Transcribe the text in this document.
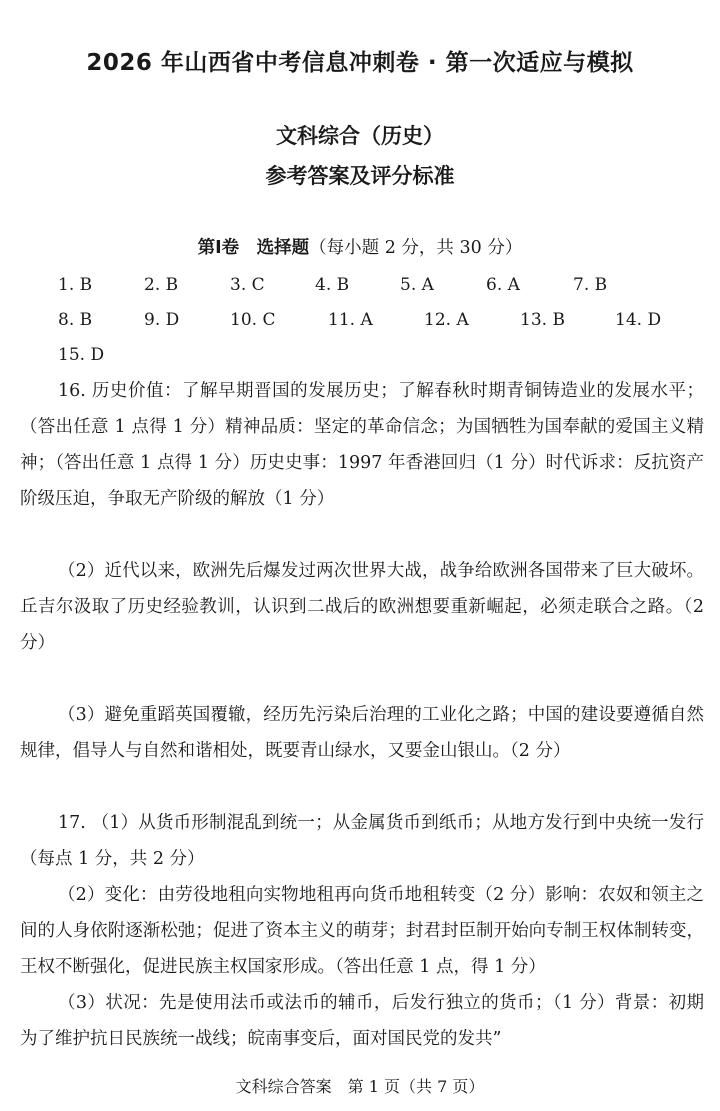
2026 年山西省中考信息冲刺卷 · 第一次适应与模拟
文科综合（历史）
参考答案及评分标准
第Ⅰ卷　选择题（每小题 2 分，共 30 分）
1. B	2. B	3. C	4. B	5. A	6. A	7. B
8. B	9. D	10. C	11. A	12. A	13. B	14. D
15. D
16. 历史价值：了解早期晋国的发展历史；了解春秋时期青铜铸造业的发展水平；（答出任意 1 点得 1 分）精神品质：坚定的革命信念；为国牺牲为国奉献的爱国主义精神；（答出任意 1 点得 1 分）历史史事：1997 年香港回归（1 分）时代诉求：反抗资产阶级压迫，争取无产阶级的解放（1 分）
（2）近代以来，欧洲先后爆发过两次世界大战，战争给欧洲各国带来了巨大破坏。丘吉尔汲取了历史经验教训，认识到二战后的欧洲想要重新崛起，必须走联合之路。（2 分）
（3）避免重蹈英国覆辙，经历先污染后治理的工业化之路；中国的建设要遵循自然规律，倡导人与自然和谐相处，既要青山绿水，又要金山银山。（2 分）
17. （1）从货币形制混乱到统一；从金属货币到纸币；从地方发行到中央统一发行（每点 1 分，共 2 分）
（2）变化：由劳役地租向实物地租再向货币地租转变（2 分）影响：农奴和领主之间的人身依附逐渐松弛；促进了资本主义的萌芽；封君封臣制开始向专制王权体制转变，王权不断强化，促进民族主权国家形成。（答出任意 1 点，得 1 分）
（3）状况：先是使用法币或法币的辅币，后发行独立的货币；（1 分）背景：初期为了维护抗日民族统一战线；皖南事变后，面对国民党的发共”
文科综合答案　第 1 页（共 7 页）
